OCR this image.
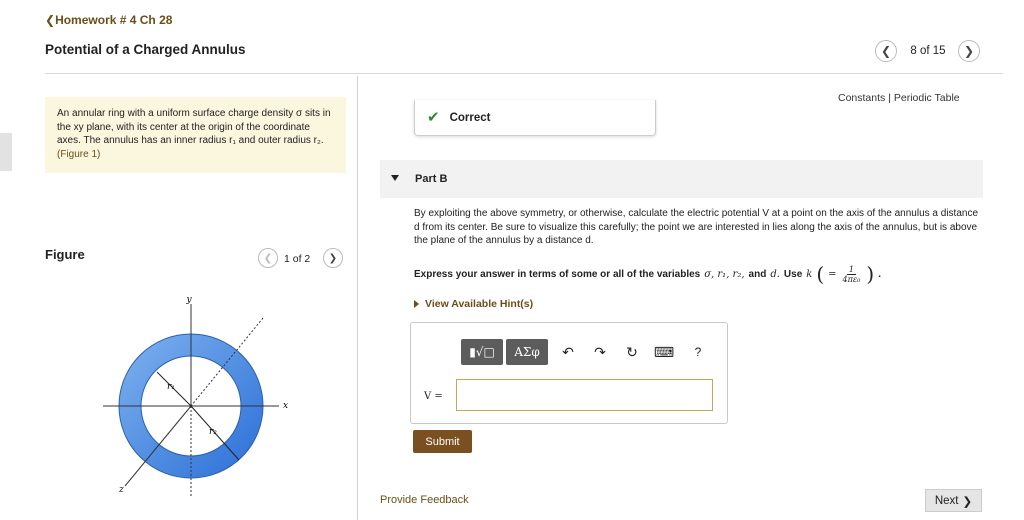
❮Homework # 4 Ch 28
Potential of a Charged Annulus	❮	8 of 15	❯
An annular ring with a uniform surface charge density σ sits in the xy plane, with its center at the origin of the coordinate axes. The annulus has an inner radius r₁ and outer radius r₂. (Figure 1)
Figure	❮ 1 of 2 ❯
y
x
z
r₁
r₂
Constants | Periodic Table
✔ Correct
Part B
By exploiting the above symmetry, or otherwise, calculate the electric potential V at a point on the axis of the annulus a distance d from its center. Be sure to visualize this carefully; the point we are interested in lies along the axis of the annulus, but is above the plane of the annulus by a distance d.
Express your answer in terms of some or all of the variables σ, r₁, r₂, and d. Use k ( = $\frac{1}{\text{4πε₀}}$ ) .
View Available Hint(s)
▮√□	ΑΣφ	↶ ↷ ↻ ⌨	?
V =
Submit
Provide Feedback	Next ❯
